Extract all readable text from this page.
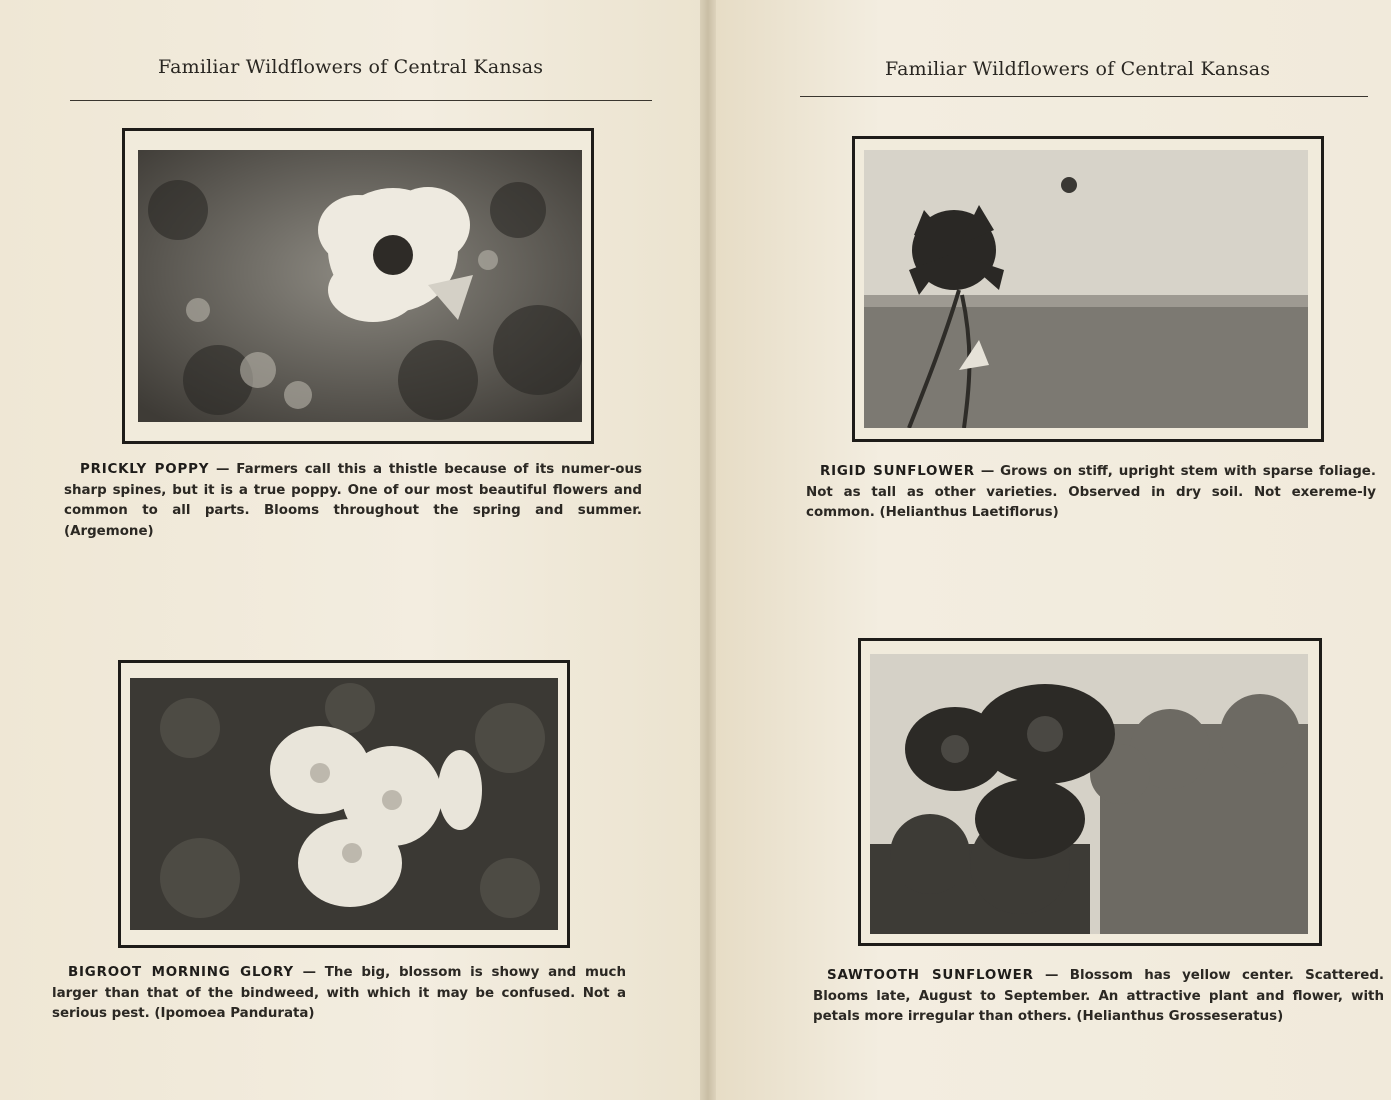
Familiar Wildflowers of Central Kansas
PRICKLY POPPY — Farmers call this a thistle because of its numer-ous sharp spines, but it is a true poppy. One of our most beautiful flowers and common to all parts. Blooms throughout the spring and summer. (Argemone)
BIGROOT MORNING GLORY — The big, blossom is showy and much larger than that of the bindweed, with which it may be confused. Not a serious pest. (Ipomoea Pandurata)
Familiar Wildflowers of Central Kansas
RIGID SUNFLOWER — Grows on stiff, upright stem with sparse foliage. Not as tall as other varieties. Observed in dry soil. Not exereme-ly common. (Helianthus Laetiflorus)
SAWTOOTH SUNFLOWER — Blossom has yellow center. Scattered. Blooms late, August to September. An attractive plant and flower, with petals more irregular than others. (Helianthus Grosseseratus)
